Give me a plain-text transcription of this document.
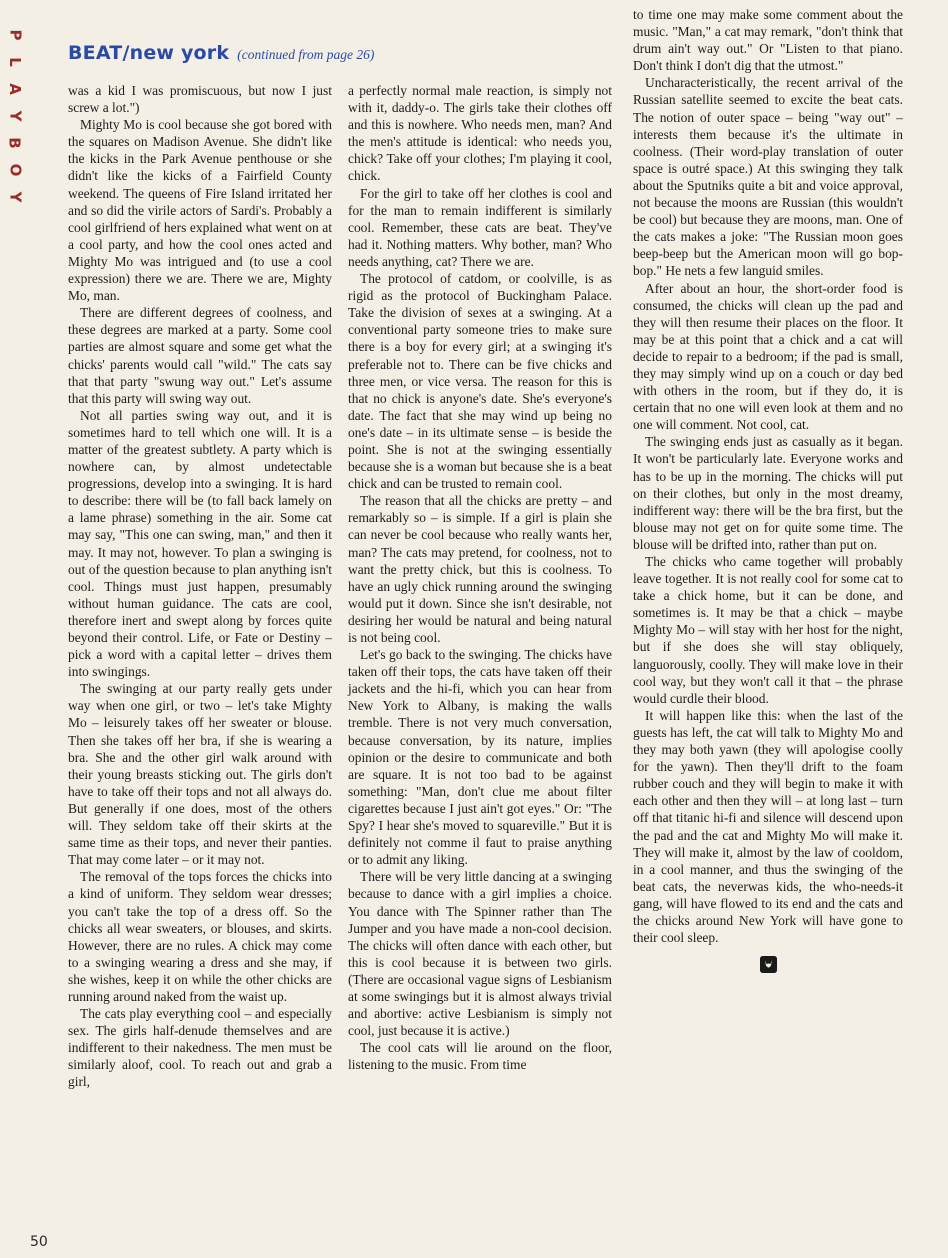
P
L
A
Y
B
O
Y
BEAT/new york (continued from page 26)

was a kid I was promiscuous, but now I just screw a lot.")

Mighty Mo is cool because she got bored with the squares on Madison Avenue. She didn't like the kicks in the Park Avenue penthouse or she didn't like the kicks of a Fairfield County weekend. The queens of Fire Island irritated her and so did the virile actors of Sardi's. Probably a cool girlfriend of hers explained what went on at a cool party, and how the cool ones acted and Mighty Mo was intrigued and (to use a cool expression) there we are. There we are, Mighty Mo, man.

There are different degrees of coolness, and these degrees are marked at a party. Some cool parties are almost square and some get what the chicks' parents would call "wild." The cats say that that party "swung way out." Let's assume that this party will swing way out.

Not all parties swing way out, and it is sometimes hard to tell which one will. It is a matter of the greatest subtlety. A party which is nowhere can, by almost undetectable progressions, develop into a swinging. It is hard to describe: there will be (to fall back lamely on a lame phrase) something in the air. Some cat may say, "This one can swing, man," and then it may. It may not, however. To plan a swinging is out of the question because to plan anything isn't cool. Things must just happen, presumably without human guidance. The cats are cool, therefore inert and swept along by forces quite beyond their control. Life, or Fate or Destiny – pick a word with a capital letter – drives them into swingings.

The swinging at our party really gets under way when one girl, or two – let's take Mighty Mo – leisurely takes off her sweater or blouse. Then she takes off her bra, if she is wearing a bra. She and the other girl walk around with their young breasts sticking out. The girls don't have to take off their tops and not all always do. But generally if one does, most of the others will. They seldom take off their skirts at the same time as their tops, and never their panties. That may come later – or it may not.

The removal of the tops forces the chicks into a kind of uniform. They seldom wear dresses; you can't take the top of a dress off. So the chicks all wear sweaters, or blouses, and skirts. However, there are no rules. A chick may come to a swinging wearing a dress and she may, if she wishes, keep it on while the other chicks are running around naked from the waist up.

The cats play everything cool – and especially sex. The girls half-denude themselves and are indifferent to their nakedness. The men must be similarly aloof, cool. To reach out and grab a girl,

a perfectly normal male reaction, is simply not with it, daddy-o. The girls take their clothes off and this is nowhere. Who needs men, man? And the men's attitude is identical: who needs you, chick? Take off your clothes; I'm playing it cool, chick.

For the girl to take off her clothes is cool and for the man to remain indifferent is similarly cool. Remember, these cats are beat. They've had it. Nothing matters. Why bother, man? Who needs anything, cat? There we are.

The protocol of catdom, or coolville, is as rigid as the protocol of Buckingham Palace. Take the division of sexes at a swinging. At a conventional party someone tries to make sure there is a boy for every girl; at a swinging it's preferable not to. There can be five chicks and three men, or vice versa. The reason for this is that no chick is anyone's date. She's everyone's date. The fact that she may wind up being no one's date – in its ultimate sense – is beside the point. She is not at the swinging essentially because she is a woman but because she is a beat chick and can be trusted to remain cool.

The reason that all the chicks are pretty – and remarkably so – is simple. If a girl is plain she can never be cool because who really wants her, man? The cats may pretend, for coolness, not to want the pretty chick, but this is coolness. To have an ugly chick running around the swinging would put it down. Since she isn't desirable, not desiring her would be natural and being natural is not being cool.

Let's go back to the swinging. The chicks have taken off their tops, the cats have taken off their jackets and the hi-fi, which you can hear from New York to Albany, is making the walls tremble. There is not very much conversation, because conversation, by its nature, implies opinion or the desire to communicate and both are square. It is not too bad to be against something: "Man, don't clue me about filter cigarettes because I just ain't got eyes." Or: "The Spy? I hear she's moved to squareville." But it is definitely not comme il faut to praise anything or to admit any liking.

There will be very little dancing at a swinging because to dance with a girl implies a choice. You dance with The Spinner rather than The Jumper and you have made a non-cool decision. The chicks will often dance with each other, but this is cool because it is between two girls. (There are occasional vague signs of Lesbianism at some swingings but it is almost always trivial and abortive: active Lesbianism is simply not cool, just because it is active.)

The cool cats will lie around on the floor, listening to the music. From time

to time one may make some comment about the music. "Man," a cat may remark, "don't think that drum ain't way out." Or "Listen to that piano. Don't think I don't dig that the utmost."

Uncharacteristically, the recent arrival of the Russian satellite seemed to excite the beat cats. The notion of outer space – being "way out" – interests them because it's the ultimate in coolness. (Their word-play translation of outer space is outré space.) At this swinging they talk about the Sputniks quite a bit and voice approval, not because the moons are Russian (this wouldn't be cool) but because they are moons, man. One of the cats makes a joke: "The Russian moon goes beep-beep but the American moon will go bop-bop." He nets a few languid smiles.

After about an hour, the short-order food is consumed, the chicks will clean up the pad and they will then resume their places on the floor. It may be at this point that a chick and a cat will decide to repair to a bedroom; if the pad is small, they may simply wind up on a couch or day bed with others in the room, but if they do, it is certain that no one will even look at them and no one will comment. Not cool, cat.

The swinging ends just as casually as it began. It won't be particularly late. Everyone works and has to be up in the morning. The chicks will put on their clothes, but only in the most dreamy, indifferent way: there will be the bra first, but the blouse may not get on for quite some time. The blouse will be drifted into, rather than put on.

The chicks who came together will probably leave together. It is not really cool for some cat to take a chick home, but it can be done, and sometimes is. It may be that a chick – maybe Mighty Mo – will stay with her host for the night, but if she does she will stay obliquely, languorously, coolly. They will make love in their cool way, but they won't call it that – the phrase would curdle their blood.

It will happen like this: when the last of the guests has left, the cat will talk to Mighty Mo and they may both yawn (they will apologise coolly for the yawn). Then they'll drift to the foam rubber couch and they will begin to make it with each other and then they will – at long last – turn off that titanic hi-fi and silence will descend upon the pad and the cat and Mighty Mo will make it. They will make it, almost by the law of cooldom, in a cool manner, and thus the swinging of the beat cats, the neverwas kids, the who-needs-it gang, will have flowed to its end and the cats and the chicks around New York will have gone to their cool sleep.

50
